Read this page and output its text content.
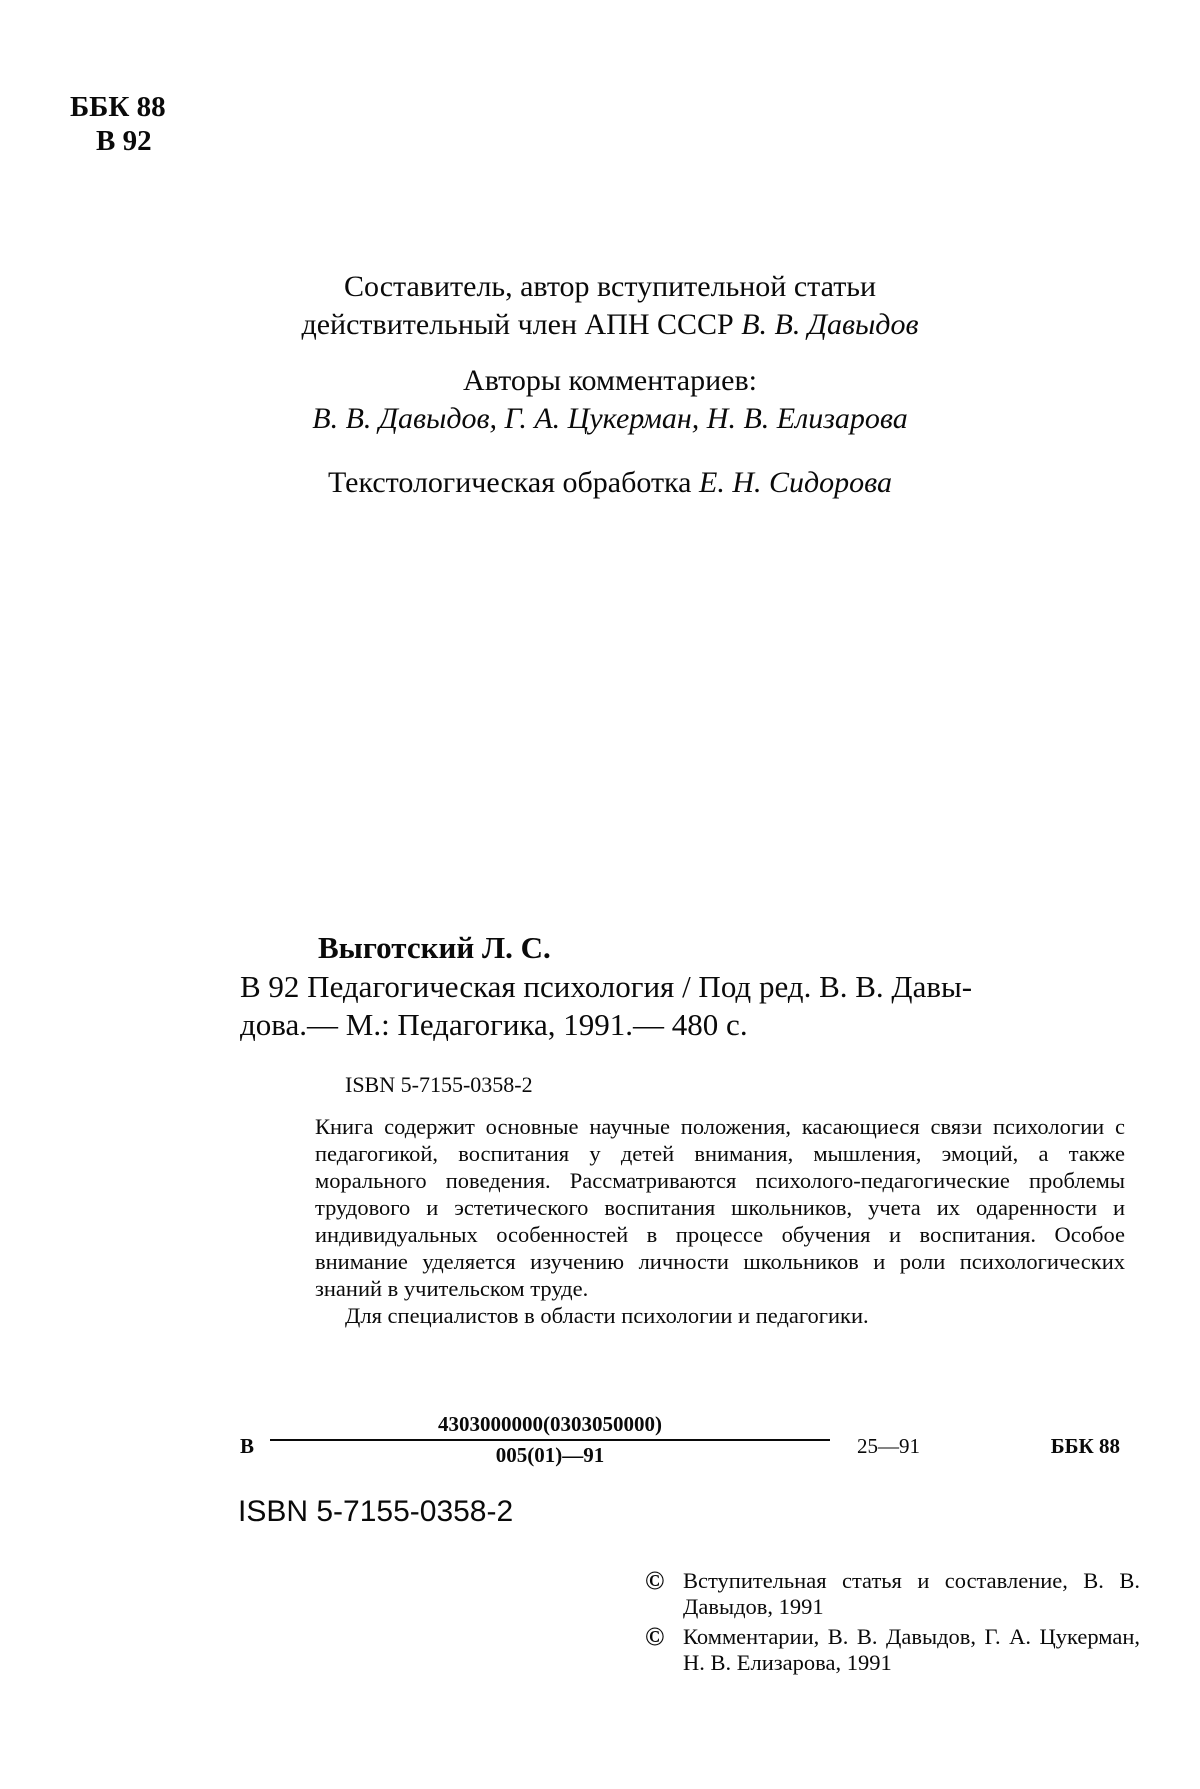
ББК 88
В 92
Составитель, автор вступительной статьи
действительный член АПН СССР В. В. Давыдов
Авторы комментариев:
В. В. Давыдов, Г. А. Цукерман, Н. В. Елизарова
Текстологическая обработка Е. Н. Сидорова
Выготский Л. С.
В 92 Педагогическая психология / Под ред. В. В. Давы-
дова.— М.: Педагогика, 1991.— 480 с.
ISBN 5-7155-0358-2

Книга содержит основные научные положения, касающиеся связи психологии с педагогикой, воспитания у детей внимания, мышления, эмоций, а также морального поведения. Рассматриваются психолого-педагогические проблемы трудового и эстетического воспитания школьников, учета их одаренности и индивидуальных особенностей в процессе обучения и воспитания. Особое внимание уделяется изучению личности школьников и роли психологических знаний в учительском труде.

Для специалистов в области психологии и педагогики.

В $\frac{4303000000(0303050000)}{005(01)—91}$ 25—91	ББК 88
ISBN 5-7155-0358-2
© Вступительная статья и составление, В. В. Давыдов, 1991
© Комментарии, В. В. Давыдов, Г. А. Цукерман, Н. В. Елизарова, 1991
